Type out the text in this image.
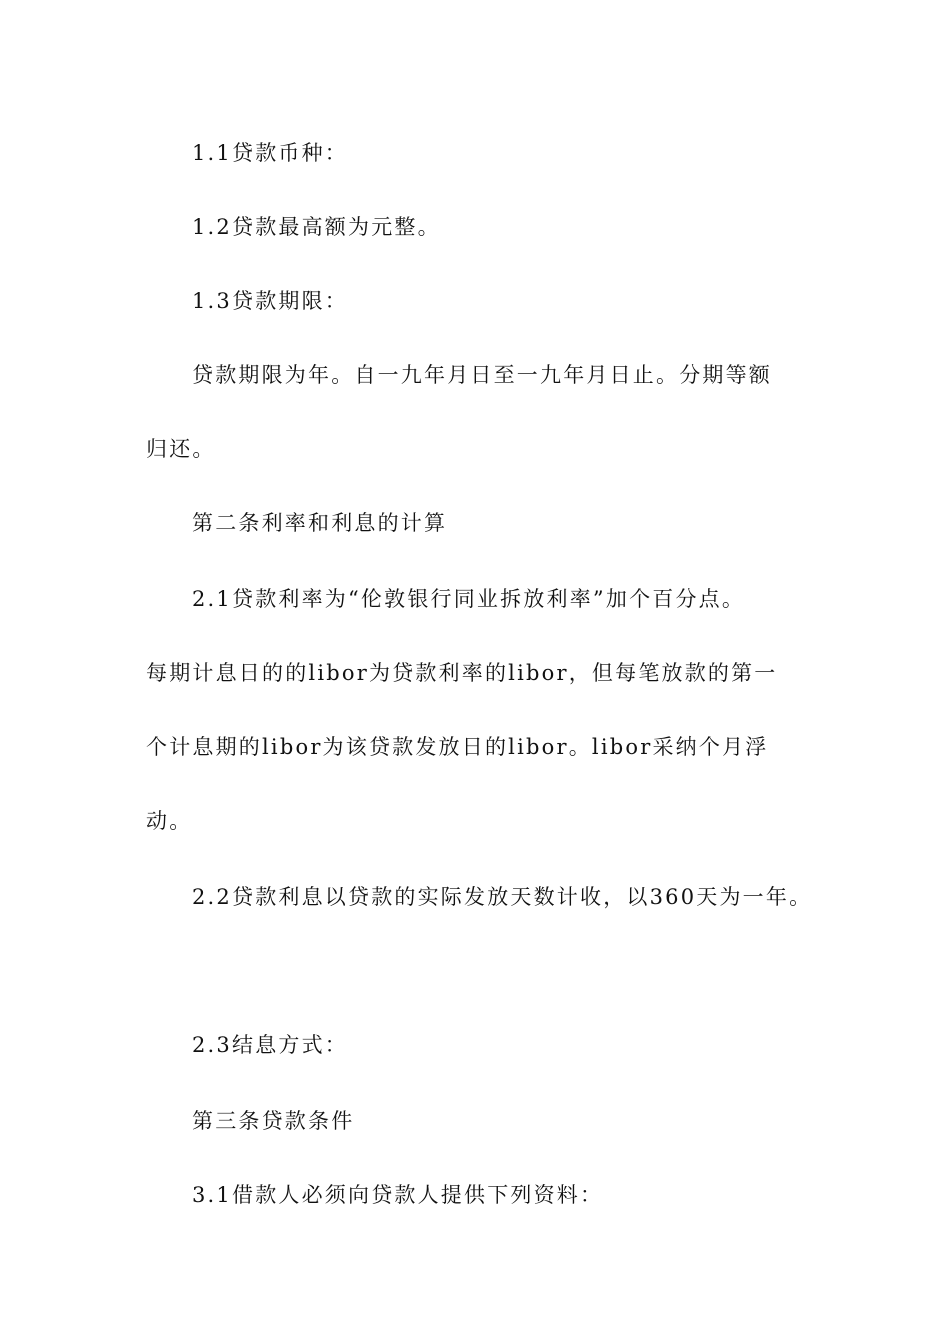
1.1贷款币种：

1.2贷款最高额为元整。

1.3贷款期限：

贷款期限为年。自一九年月日至一九年月日止。分期等额

归还。

第二条利率和利息的计算

2.1贷款利率为“伦敦银行同业拆放利率”加个百分点。

每期计息日的的libor为贷款利率的libor，但每笔放款的第一

个计息期的libor为该贷款发放日的libor。libor采纳个月浮

动。

2.2贷款利息以贷款的实际发放天数计收，以360天为一年。

2.3结息方式：

第三条贷款条件

3.1借款人必须向贷款人提供下列资料：
